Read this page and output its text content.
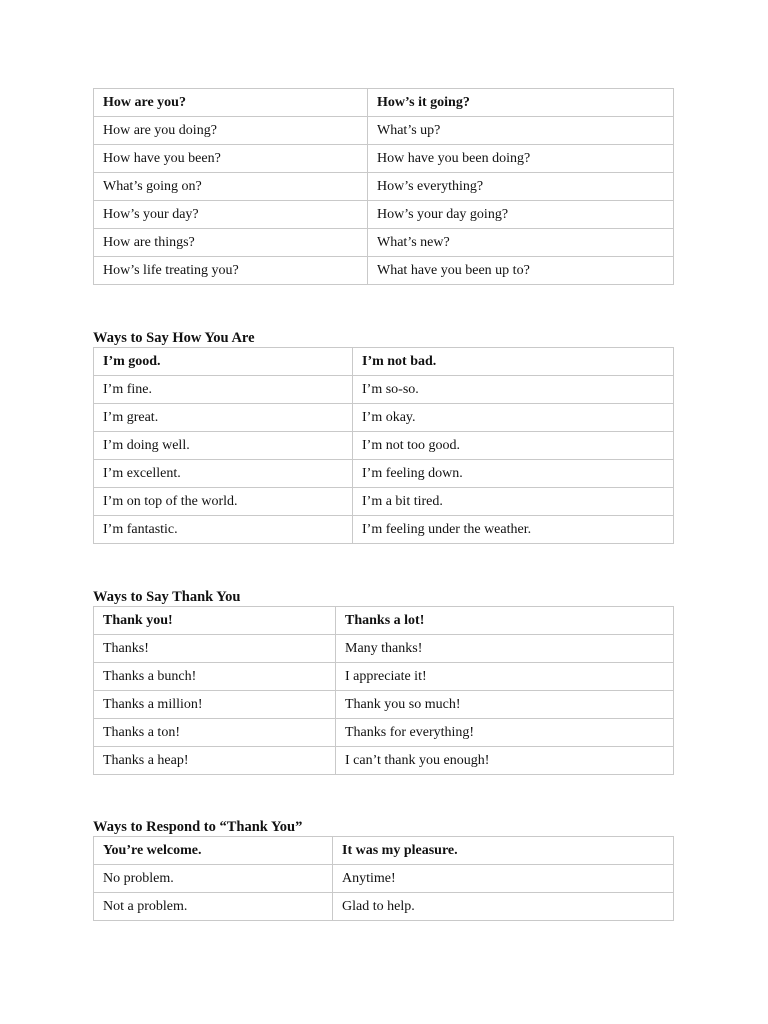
How are you?	How’s it going?
How are you doing?	What’s up?
How have you been?	How have you been doing?
What’s going on?	How’s everything?
How’s your day?	How’s your day going?
How are things?	What’s new?
How’s life treating you?	What have you been up to?
Ways to Say How You Are
I’m good.	I’m not bad.
I’m fine.	I’m so-so.
I’m great.	I’m okay.
I’m doing well.	I’m not too good.
I’m excellent.	I’m feeling down.
I’m on top of the world.	I’m a bit tired.
I’m fantastic.	I’m feeling under the weather.
Ways to Say Thank You
Thank you!	Thanks a lot!
Thanks!	Many thanks!
Thanks a bunch!	I appreciate it!
Thanks a million!	Thank you so much!
Thanks a ton!	Thanks for everything!
Thanks a heap!	I can’t thank you enough!
Ways to Respond to “Thank You”
You’re welcome.	It was my pleasure.
No problem.	Anytime!
Not a problem.	Glad to help.
